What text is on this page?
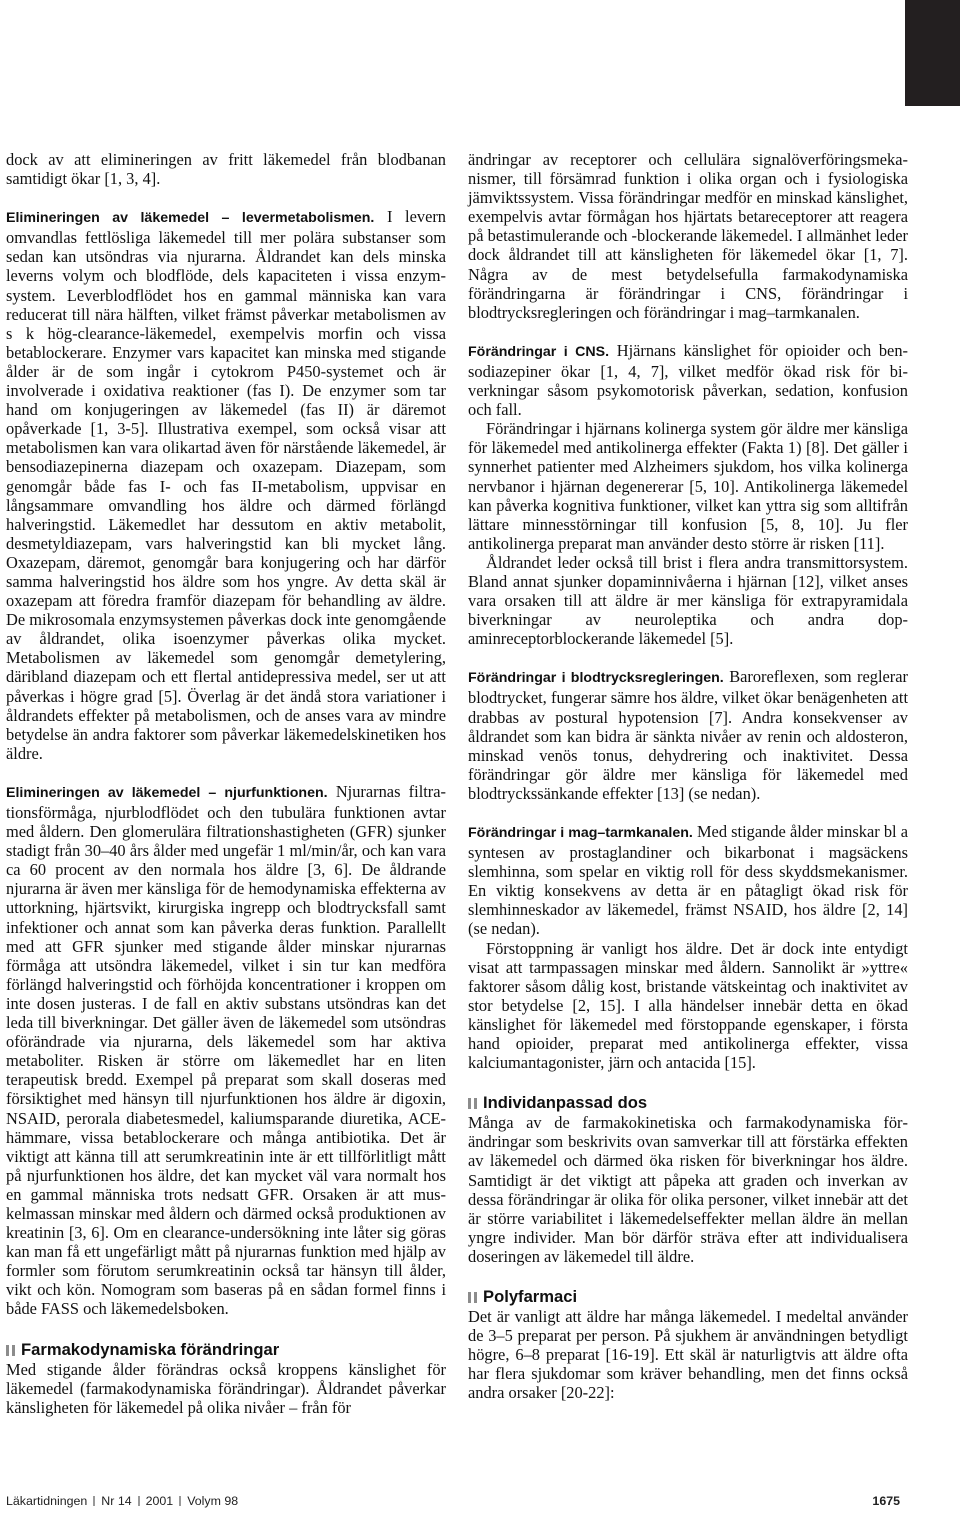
dock av att elimineringen av fritt läkemedel från blodbanan samtidigt ökar [1, 3, 4].

Elimineringen av läkemedel – levermetabolismen. I levern omvandlas fettlösliga läkemedel till mer polära substanser som sedan kan utsöndras via njurarna. Åldrandet kan dels minska leverns volym och blodflöde, dels kapaciteten i vissa enzymsystem. Leverblodflödet hos en gammal människa kan vara reducerat till nära hälften, vilket främst påverkar metabolismen av s k hög-clearance-läkemedel, exempelvis morfin och vissa betablockerare. Enzymer vars kapacitet kan minska med stigande ålder är de som ingår i cytokrom P450-systemet och är involverade i oxidativa reaktioner (fas I). De enzymer som tar hand om konjugeringen av läkemedel (fas II) är däremot opåverkade [1, 3-5]. Illustrativa exempel, som också visar att metabolismen kan vara olikartad även för närstående läkemedel, är bensodiazepinerna diazepam och oxazepam. Diazepam, som genomgår både fas I- och fas II-metabolism, uppvisar en långsammare omvandling hos äldre och därmed förlängd halveringstid. Läkemedlet har dessutom en aktiv metabolit, desmetyldiazepam, vars halveringstid kan bli mycket lång. Oxazepam, däremot, genomgår bara konjugering och har därför samma halveringstid hos äldre som hos yngre. Av detta skäl är oxazepam att föredra framför diazepam för behandling av äldre. De mikrosomala enzymsystemen påverkas dock inte genomgående av åldrandet, olika isoenzymer påverkas olika mycket. Metabolismen av läkemedel som genomgår demetylering, däribland diazepam och ett flertal antidepressiva medel, ser ut att påverkas i högre grad [5]. Överlag är det ändå stora variationer i åldrandets effekter på metabolismen, och de anses vara av mindre betydelse än andra faktorer som påverkar läkemedelskinetiken hos äldre.

Elimineringen av läkemedel – njurfunktionen. Njurarnas filtrationsförmåga, njurblodflödet och den tubulära funktionen avtar med åldern. Den glomerulära filtrationshastigheten (GFR) sjunker stadigt från 30–40 års ålder med ungefär 1 ml/min/år, och kan vara ca 60 procent av den normala hos äldre [3, 6]. De åldrande njurarna är även mer känsliga för de hemodynamiska effekterna av uttorkning, hjärtsvikt, kirurgiska ingrepp och blodtrycksfall samt infektioner och annat som kan påverka deras funktion. Parallellt med att GFR sjunker med stigande ålder minskar njurarnas förmåga att utsöndra läkemedel, vilket i sin tur kan medföra förlängd halveringstid och förhöjda koncentrationer i kroppen om inte dosen justeras. I de fall en aktiv substans utsöndras kan det leda till biverkningar. Det gäller även de läkemedel som utsöndras oförändrade via njurarna, dels läkemedel som har aktiva metaboliter. Risken är större om läkemedlet har en liten terapeutisk bredd. Exempel på preparat som skall doseras med försiktighet med hänsyn till njurfunktionen hos äldre är digoxin, NSAID, perorala diabetesmedel, kaliumsparande diuretika, ACE-hämmare, vissa betablockerare och många antibiotika. Det är viktigt att känna till att serumkreatinin inte är ett tillförlitligt mått på njurfunktionen hos äldre, det kan mycket väl vara normalt hos en gammal människa trots nedsatt GFR. Orsaken är att muskelmassan minskar med åldern och därmed också produktionen av kreatinin [3, 6]. Om en clearance-undersökning inte låter sig göras kan man få ett ungefärligt mått på njurarnas funktion med hjälp av formler som förutom serumkreatinin också tar hänsyn till ålder, vikt och kön. Nomogram som baseras på en sådan formel finns i både FASS och läkemedelsboken.

Farmakodynamiska förändringar

Med stigande ålder förändras också kroppens känslighet för läkemedel (farmakodynamiska förändringar). Åldrandet påverkar känsligheten för läkemedel på olika nivåer – från för

ändringar av receptorer och cellulära signalöverföringsmekanismer, till försämrad funktion i olika organ och i fysiologiska jämviktssystem. Vissa förändringar medför en minskad känslighet, exempelvis avtar förmågan hos hjärtats betareceptorer att reagera på betastimulerande och -blockerande läkemedel. I allmänhet leder dock åldrandet till att känsligheten för läkemedel ökar [1, 7]. Några av de mest betydelsefulla farmakodynamiska förändringarna är förändringar i CNS, förändringar i blodtrycksregleringen och förändringar i mag–tarmkanalen.

Förändringar i CNS. Hjärnans känslighet för opioider och bensodiazepiner ökar [1, 4, 7], vilket medför ökad risk för biverkningar såsom psykomotorisk påverkan, sedation, konfusion och fall.

Förändringar i hjärnans kolinerga system gör äldre mer känsliga för läkemedel med antikolinerga effekter (Fakta 1) [8]. Det gäller i synnerhet patienter med Alzheimers sjukdom, hos vilka kolinerga nervbanor i hjärnan degenererar [5, 10]. Antikolinerga läkemedel kan påverka kognitiva funktioner, vilket kan yttra sig som alltifrån lättare minnesstörningar till konfusion [5, 8, 10]. Ju fler antikolinerga preparat man använder desto större är risken [11].

Åldrandet leder också till brist i flera andra transmittorsystem. Bland annat sjunker dopaminnivåerna i hjärnan [12], vilket anses vara orsaken till att äldre är mer känsliga för extrapyramidala biverkningar av neuroleptika och andra dopaminreceptorblockerande läkemedel [5].

Förändringar i blodtrycksregleringen. Baroreflexen, som reglerar blodtrycket, fungerar sämre hos äldre, vilket ökar benägenheten att drabbas av postural hypotension [7]. Andra konsekvenser av åldrandet som kan bidra är sänkta nivåer av renin och aldosteron, minskad venös tonus, dehydrering och inaktivitet. Dessa förändringar gör äldre mer känsliga för läkemedel med blodtryckssänkande effekter [13] (se nedan).

Förändringar i mag–tarmkanalen. Med stigande ålder minskar bl a syntesen av prostaglandiner och bikarbonat i magsäckens slemhinna, som spelar en viktig roll för dess skyddsmekanismer. En viktig konsekvens av detta är en påtagligt ökad risk för slemhinneskador av läkemedel, främst NSAID, hos äldre [2, 14] (se nedan).

Förstoppning är vanligt hos äldre. Det är dock inte entydigt visat att tarmpassagen minskar med åldern. Sannolikt är »yttre« faktorer såsom dålig kost, bristande vätskeintag och inaktivitet av stor betydelse [2, 15]. I alla händelser innebär detta en ökad känslighet för läkemedel med förstoppande egenskaper, i första hand opioider, preparat med antikolinerga effekter, vissa kalciumantagonister, järn och antacida [15].

Individanpassad dos

Många av de farmakokinetiska och farmakodynamiska förändringar som beskrivits ovan samverkar till att förstärka effekten av läkemedel och därmed öka risken för biverkningar hos äldre. Samtidigt är det viktigt att påpeka att graden och inverkan av dessa förändringar är olika för olika personer, vilket innebär att det är större variabilitet i läkemedelseffekter mellan äldre än mellan yngre individer. Man bör därför sträva efter att individualisera doseringen av läkemedel till äldre.

Polyfarmaci

Det är vanligt att äldre har många läkemedel. I medeltal använder de 3–5 preparat per person. På sjukhem är användningen betydligt högre, 6–8 preparat [16-19]. Ett skäl är naturligtvis att äldre ofta har flera sjukdomar som kräver behandling, men det finns också andra orsaker [20-22]:

Läkartidningen Nr 14 2001 Volym 98	1675
